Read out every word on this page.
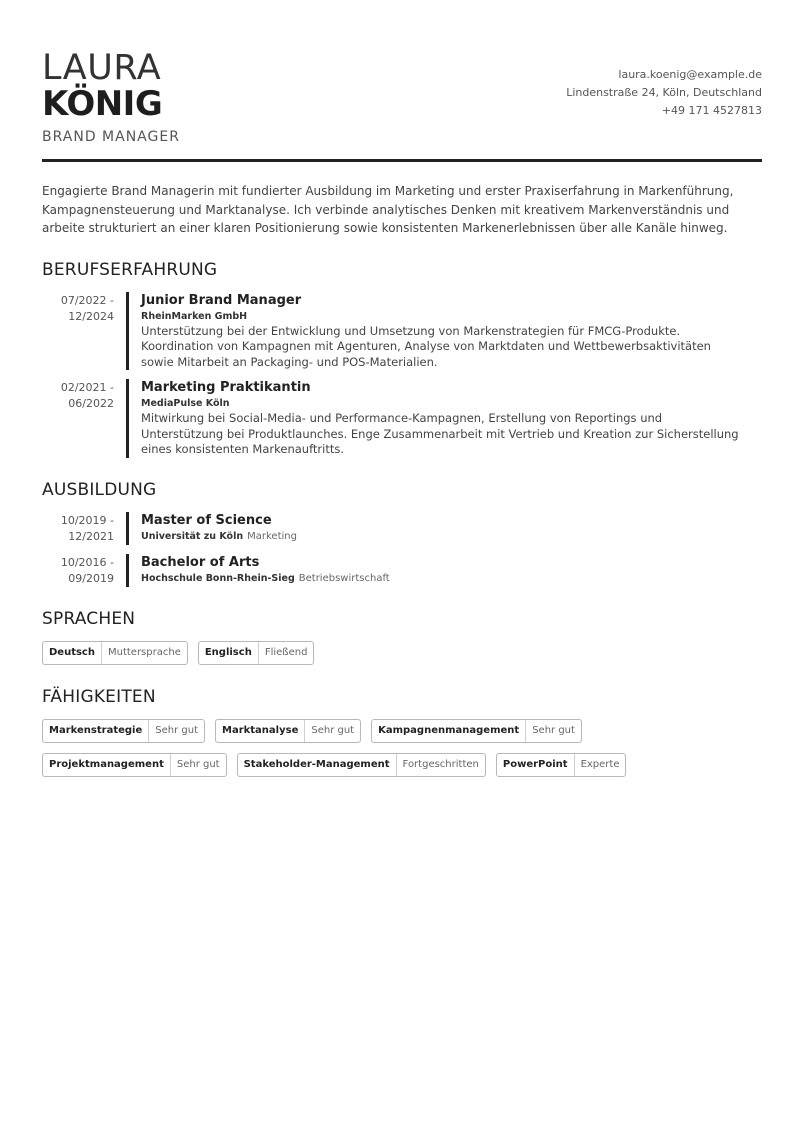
LAURA
KÖNIG
BRAND MANAGER
laura.koenig@example.de
Lindenstraße 24, Köln, Deutschland
+49 171 4527813
Engagierte Brand Managerin mit fundierter Ausbildung im Marketing und erster Praxiserfahrung in Markenführung, Kampagnensteuerung und Marktanalyse. Ich verbinde analytisches Denken mit kreativem Markenverständnis und arbeite strukturiert an einer klaren Positionierung sowie konsistenten Markenerlebnissen über alle Kanäle hinweg.
BERUFSERFAHRUNG
07/2022 -
12/2024
Junior Brand Manager
RheinMarken GmbH
Unterstützung bei der Entwicklung und Umsetzung von Markenstrategien für FMCG-Produkte. Koordination von Kampagnen mit Agenturen, Analyse von Marktdaten und Wettbewerbsaktivitäten sowie Mitarbeit an Packaging- und POS-Materialien.
02/2021 -
06/2022
Marketing Praktikantin
MediaPulse Köln
Mitwirkung bei Social-Media- und Performance-Kampagnen, Erstellung von Reportings und Unterstützung bei Produktlaunches. Enge Zusammenarbeit mit Vertrieb und Kreation zur Sicherstellung eines konsistenten Markenauftritts.
AUSBILDUNG
10/2019 -
12/2021
Master of Science
Universität zu Köln Marketing
10/2016 -
09/2019
Bachelor of Arts
Hochschule Bonn-Rhein-Sieg Betriebswirtschaft
SPRACHEN
Deutsch	Muttersprache	Englisch	Fließend
FÄHIGKEITEN
Markenstrategie	Sehr gut	Marktanalyse	Sehr gut	Kampagnenmanagement	Sehr gut
Projektmanagement	Sehr gut	Stakeholder-Management	Fortgeschritten	PowerPoint	Experte
